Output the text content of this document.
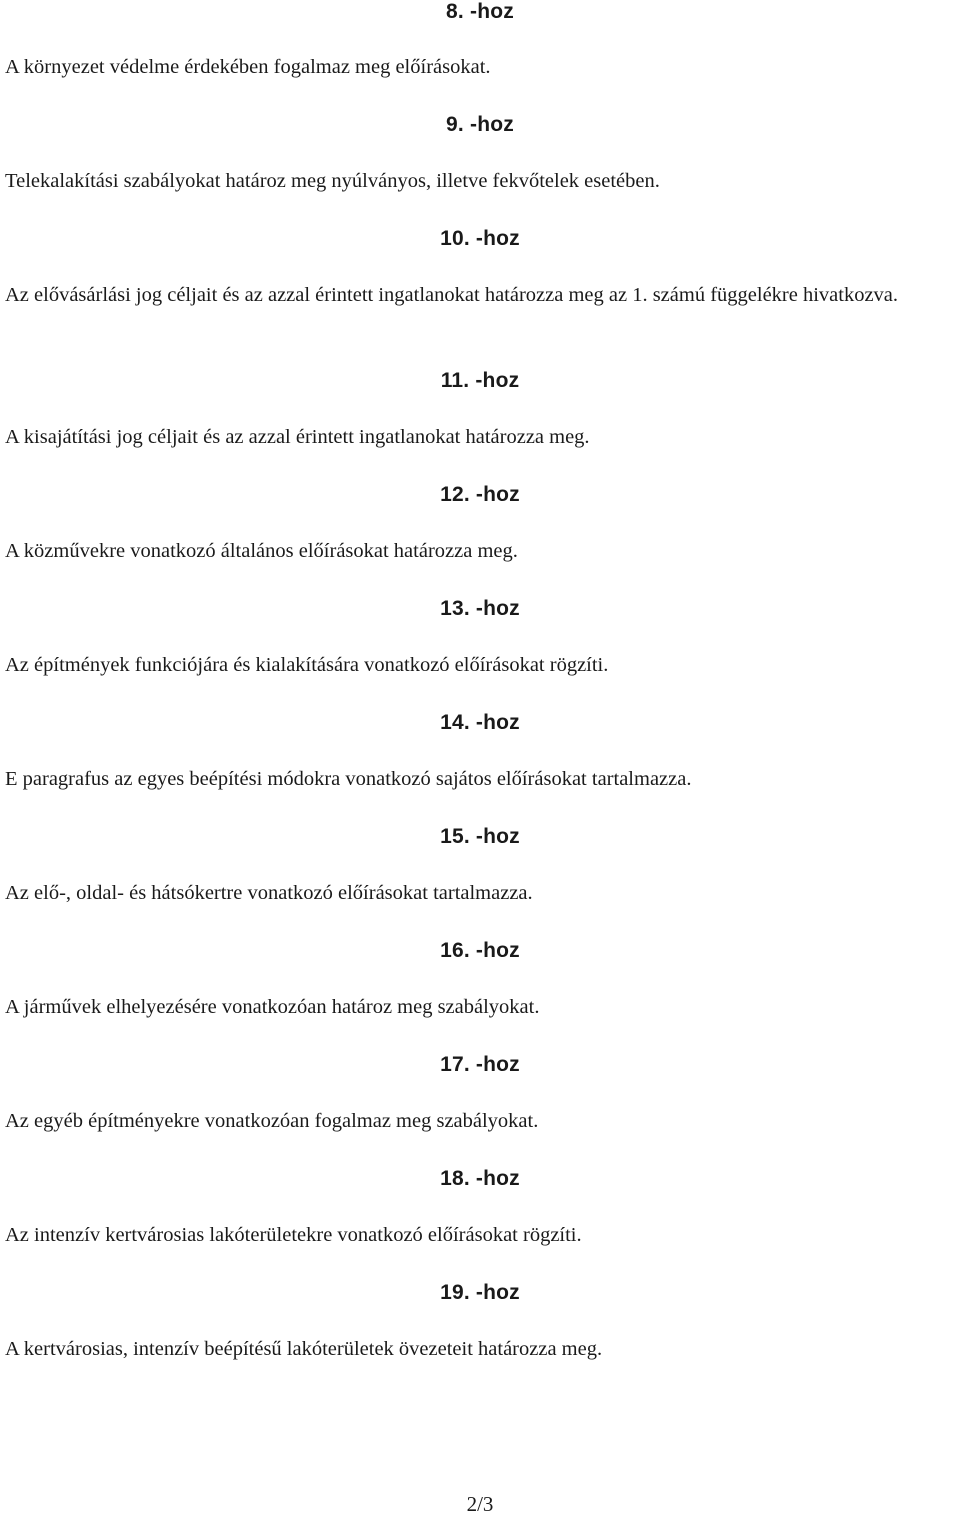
8. -hoz
A környezet védelme érdekében fogalmaz meg előírásokat.
9. -hoz
Telekalakítási szabályokat határoz meg nyúlványos, illetve fekvőtelek esetében.
10. -hoz
Az elővásárlási jog céljait és az azzal érintett ingatlanokat határozza meg az 1. számú függelékre hivatkozva.
11. -hoz
A kisajátítási jog céljait és az azzal érintett ingatlanokat határozza meg.
12. -hoz
A közművekre vonatkozó általános előírásokat határozza meg.
13. -hoz
Az építmények funkciójára és kialakítására vonatkozó előírásokat rögzíti.
14. -hoz
E paragrafus az egyes beépítési módokra vonatkozó sajátos előírásokat tartalmazza.
15. -hoz
Az elő-, oldal- és hátsókertre vonatkozó előírásokat tartalmazza.
16. -hoz
A járművek elhelyezésére vonatkozóan határoz meg szabályokat.
17. -hoz
Az egyéb építményekre vonatkozóan fogalmaz meg szabályokat.
18. -hoz
Az intenzív kertvárosias lakóterületekre vonatkozó előírásokat rögzíti.
19. -hoz
A kertvárosias, intenzív beépítésű lakóterületek övezeteit határozza meg.
2/3
